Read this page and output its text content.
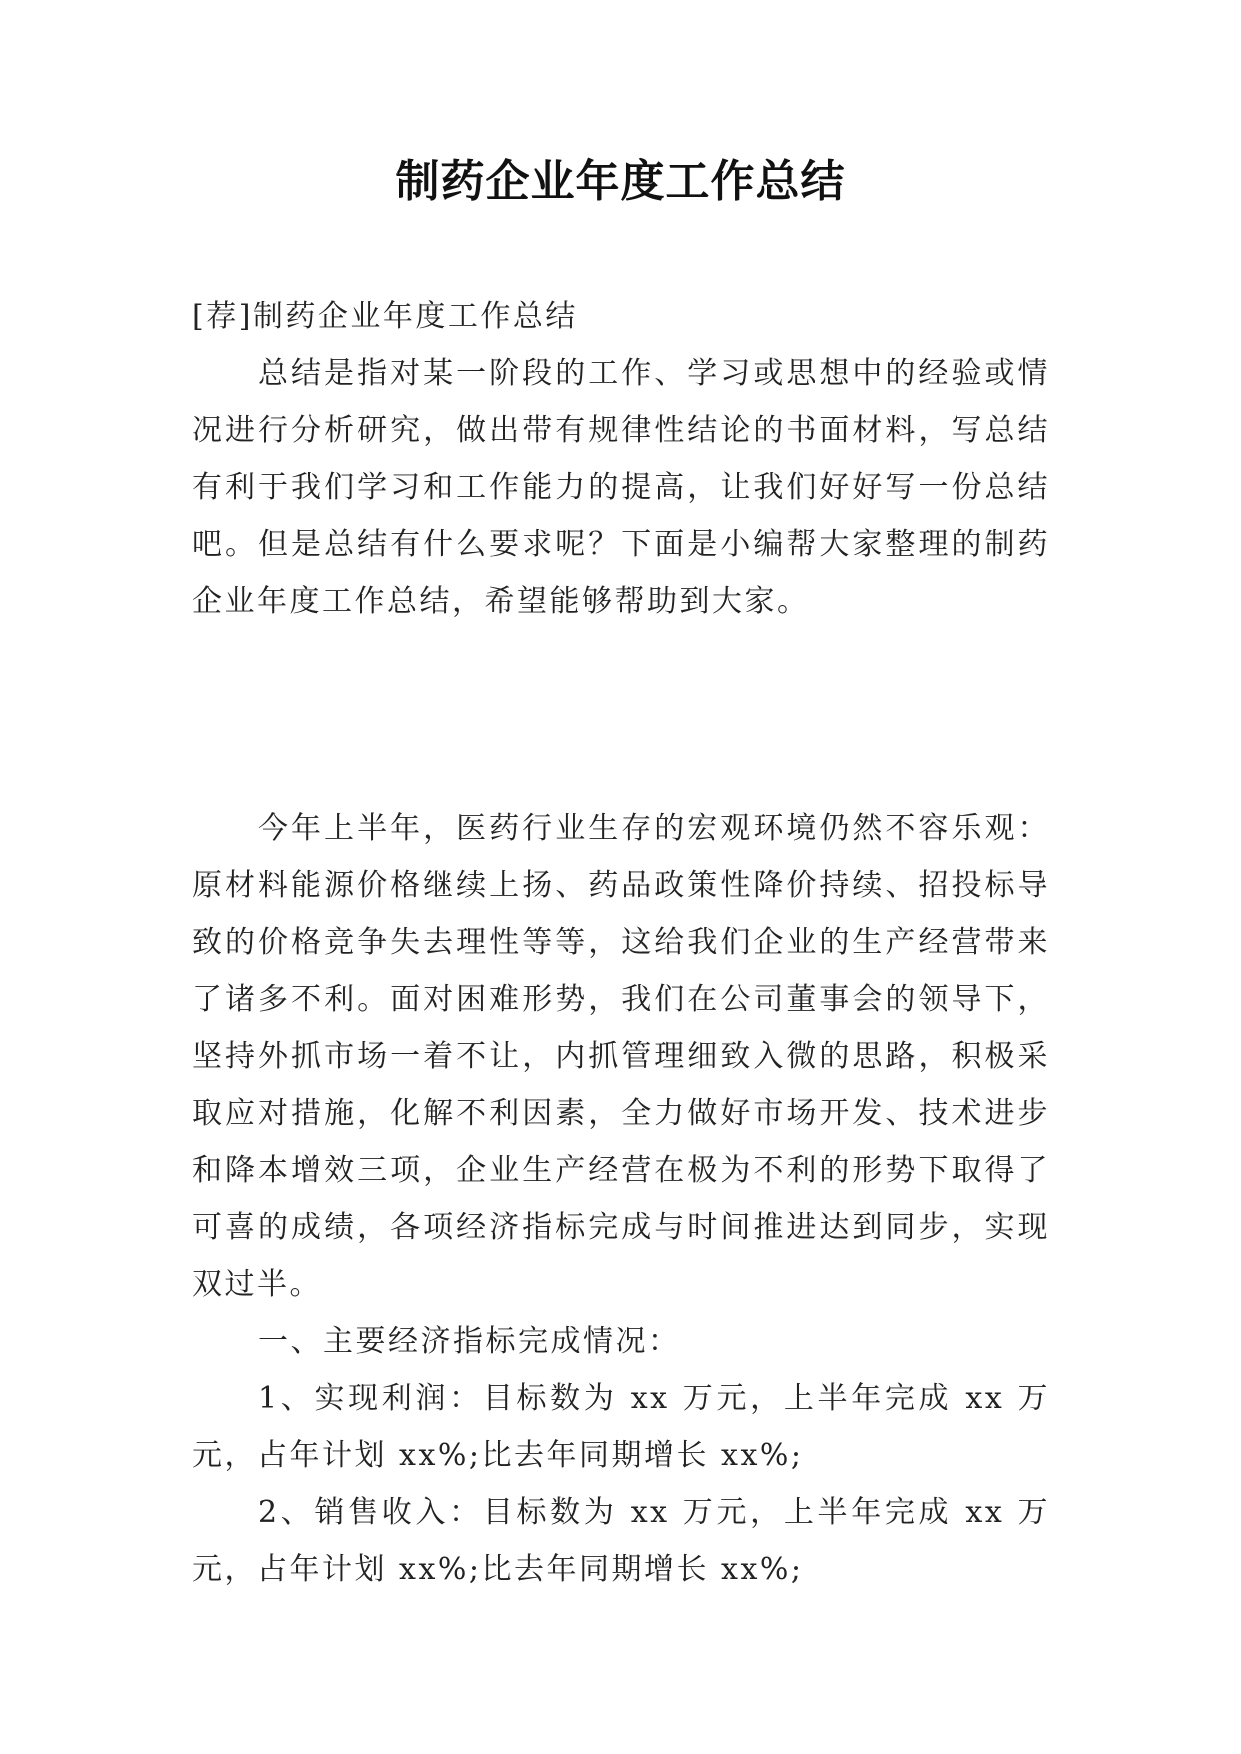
制药企业年度工作总结

[荐]制药企业年度工作总结

总结是指对某一阶段的工作、学习或思想中的经验或情况进行分析研究，做出带有规律性结论的书面材料，写总结有利于我们学习和工作能力的提高，让我们好好写一份总结吧。但是总结有什么要求呢？下面是小编帮大家整理的制药企业年度工作总结，希望能够帮助到大家。

今年上半年，医药行业生存的宏观环境仍然不容乐观：原材料能源价格继续上扬、药品政策性降价持续、招投标导致的价格竞争失去理性等等，这给我们企业的生产经营带来了诸多不利。面对困难形势，我们在公司董事会的领导下，坚持外抓市场一着不让，内抓管理细致入微的思路，积极采取应对措施，化解不利因素，全力做好市场开发、技术进步和降本增效三项，企业生产经营在极为不利的形势下取得了可喜的成绩，各项经济指标完成与时间推进达到同步，实现双过半。

一、主要经济指标完成情况：

1、实现利润：目标数为 xx 万元，上半年完成 xx 万元，占年计划 xx%;比去年同期增长 xx%;

2、销售收入：目标数为 xx 万元，上半年完成 xx 万元，占年计划 xx%;比去年同期增长 xx%;
